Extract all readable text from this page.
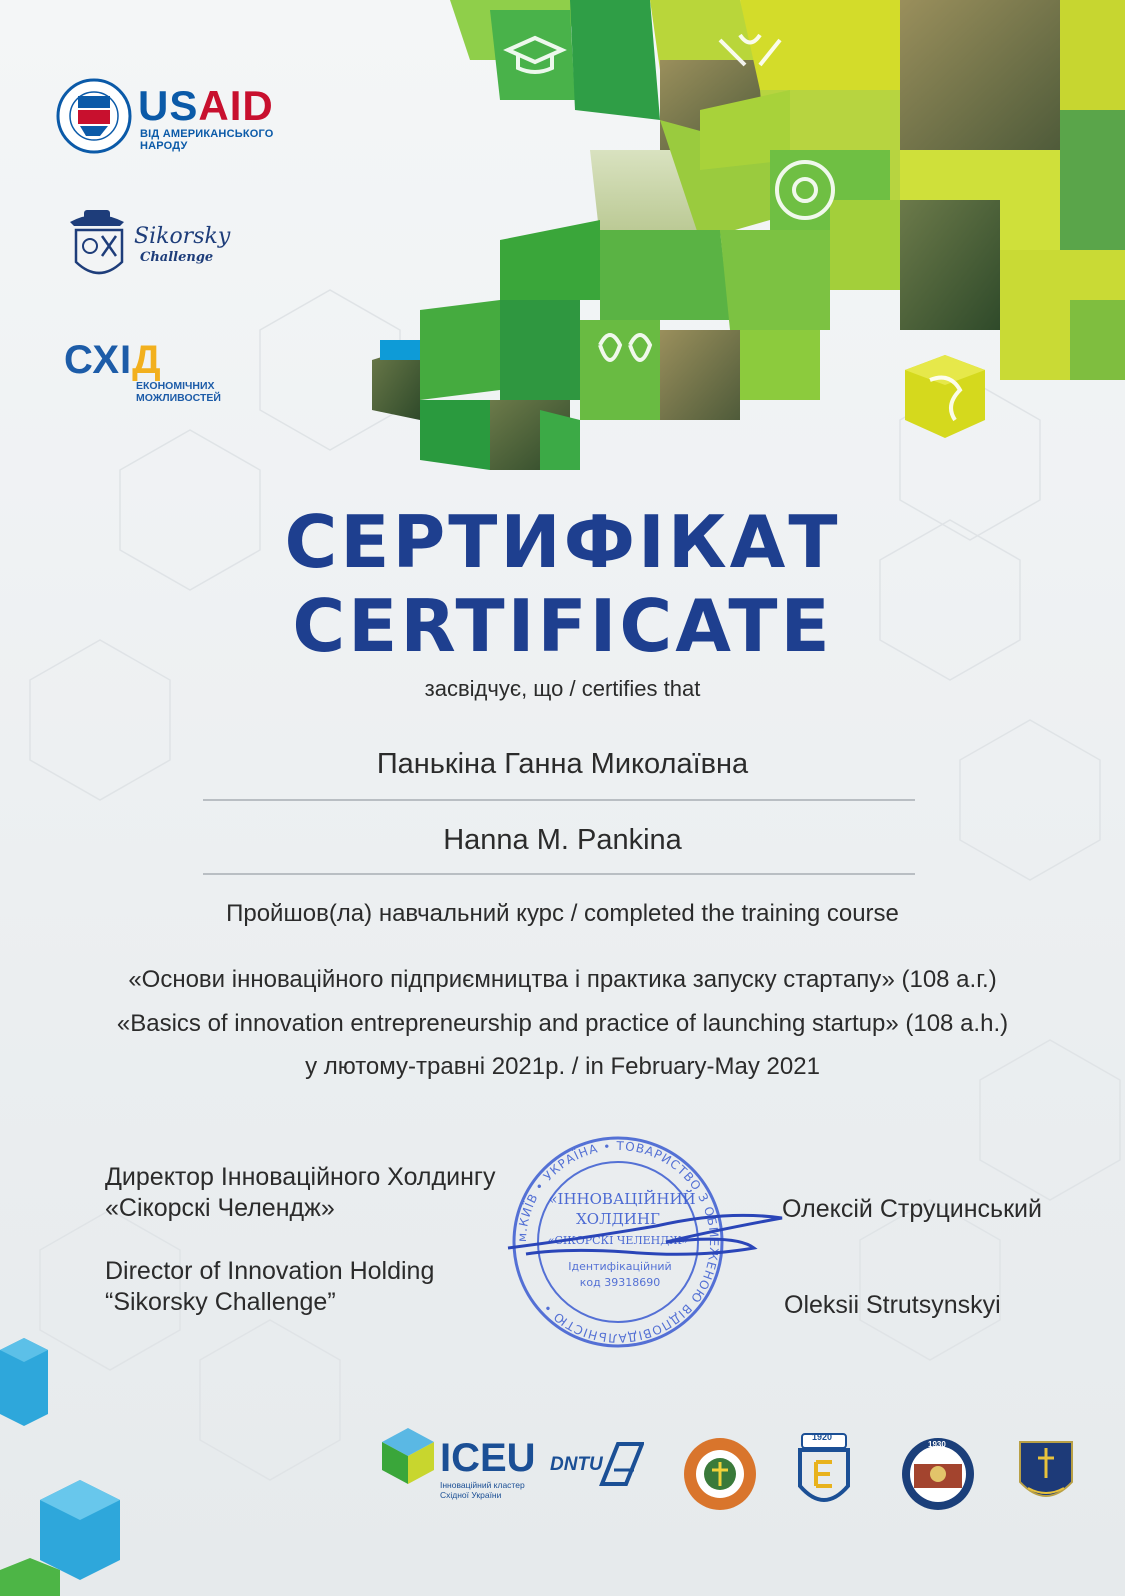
USAID
ВІД АМЕРИКАНСЬКОГО НАРОДУ
Sikorsky
Challenge
СХІД
ЕКОНОМІЧНИХ
МОЖЛИВОСТЕЙ
СЕРТИФІКАТ
CERTIFICATE
засвідчує, що / certifies that
Панькіна Ганна Миколаївна
Hanna M. Pankina
Пройшов(ла) навчальний курс / completed the training course
«Основи інноваційного підприємництва і практика запуску стартапу» (108 а.г.)
«Basics of innovation entrepreneurship and practice of launching startup» (108 a.h.)
у лютому-травні 2021р. / in February-May 2021
Директор Інноваційного Холдингу
«Сікорскі Челендж»
Director of Innovation Holding
“Sikorsky Challenge”
Олексій Струцинський
Oleksii Strutsynskyi
м.КИЇВ • УКРАЇНА • ТОВАРИСТВО З ОБМЕЖЕНОЮ ВІДПОВІДАЛЬНІСТЮ •
«ІННОВАЦІЙНИЙ
ХОЛДИНГ
«СІКОРСКІ ЧЕЛЕНДЖ»
Ідентифікаційний
код 39318690
ICEU
Інноваційний кластер
Східної України
DNTU
1920
1930
